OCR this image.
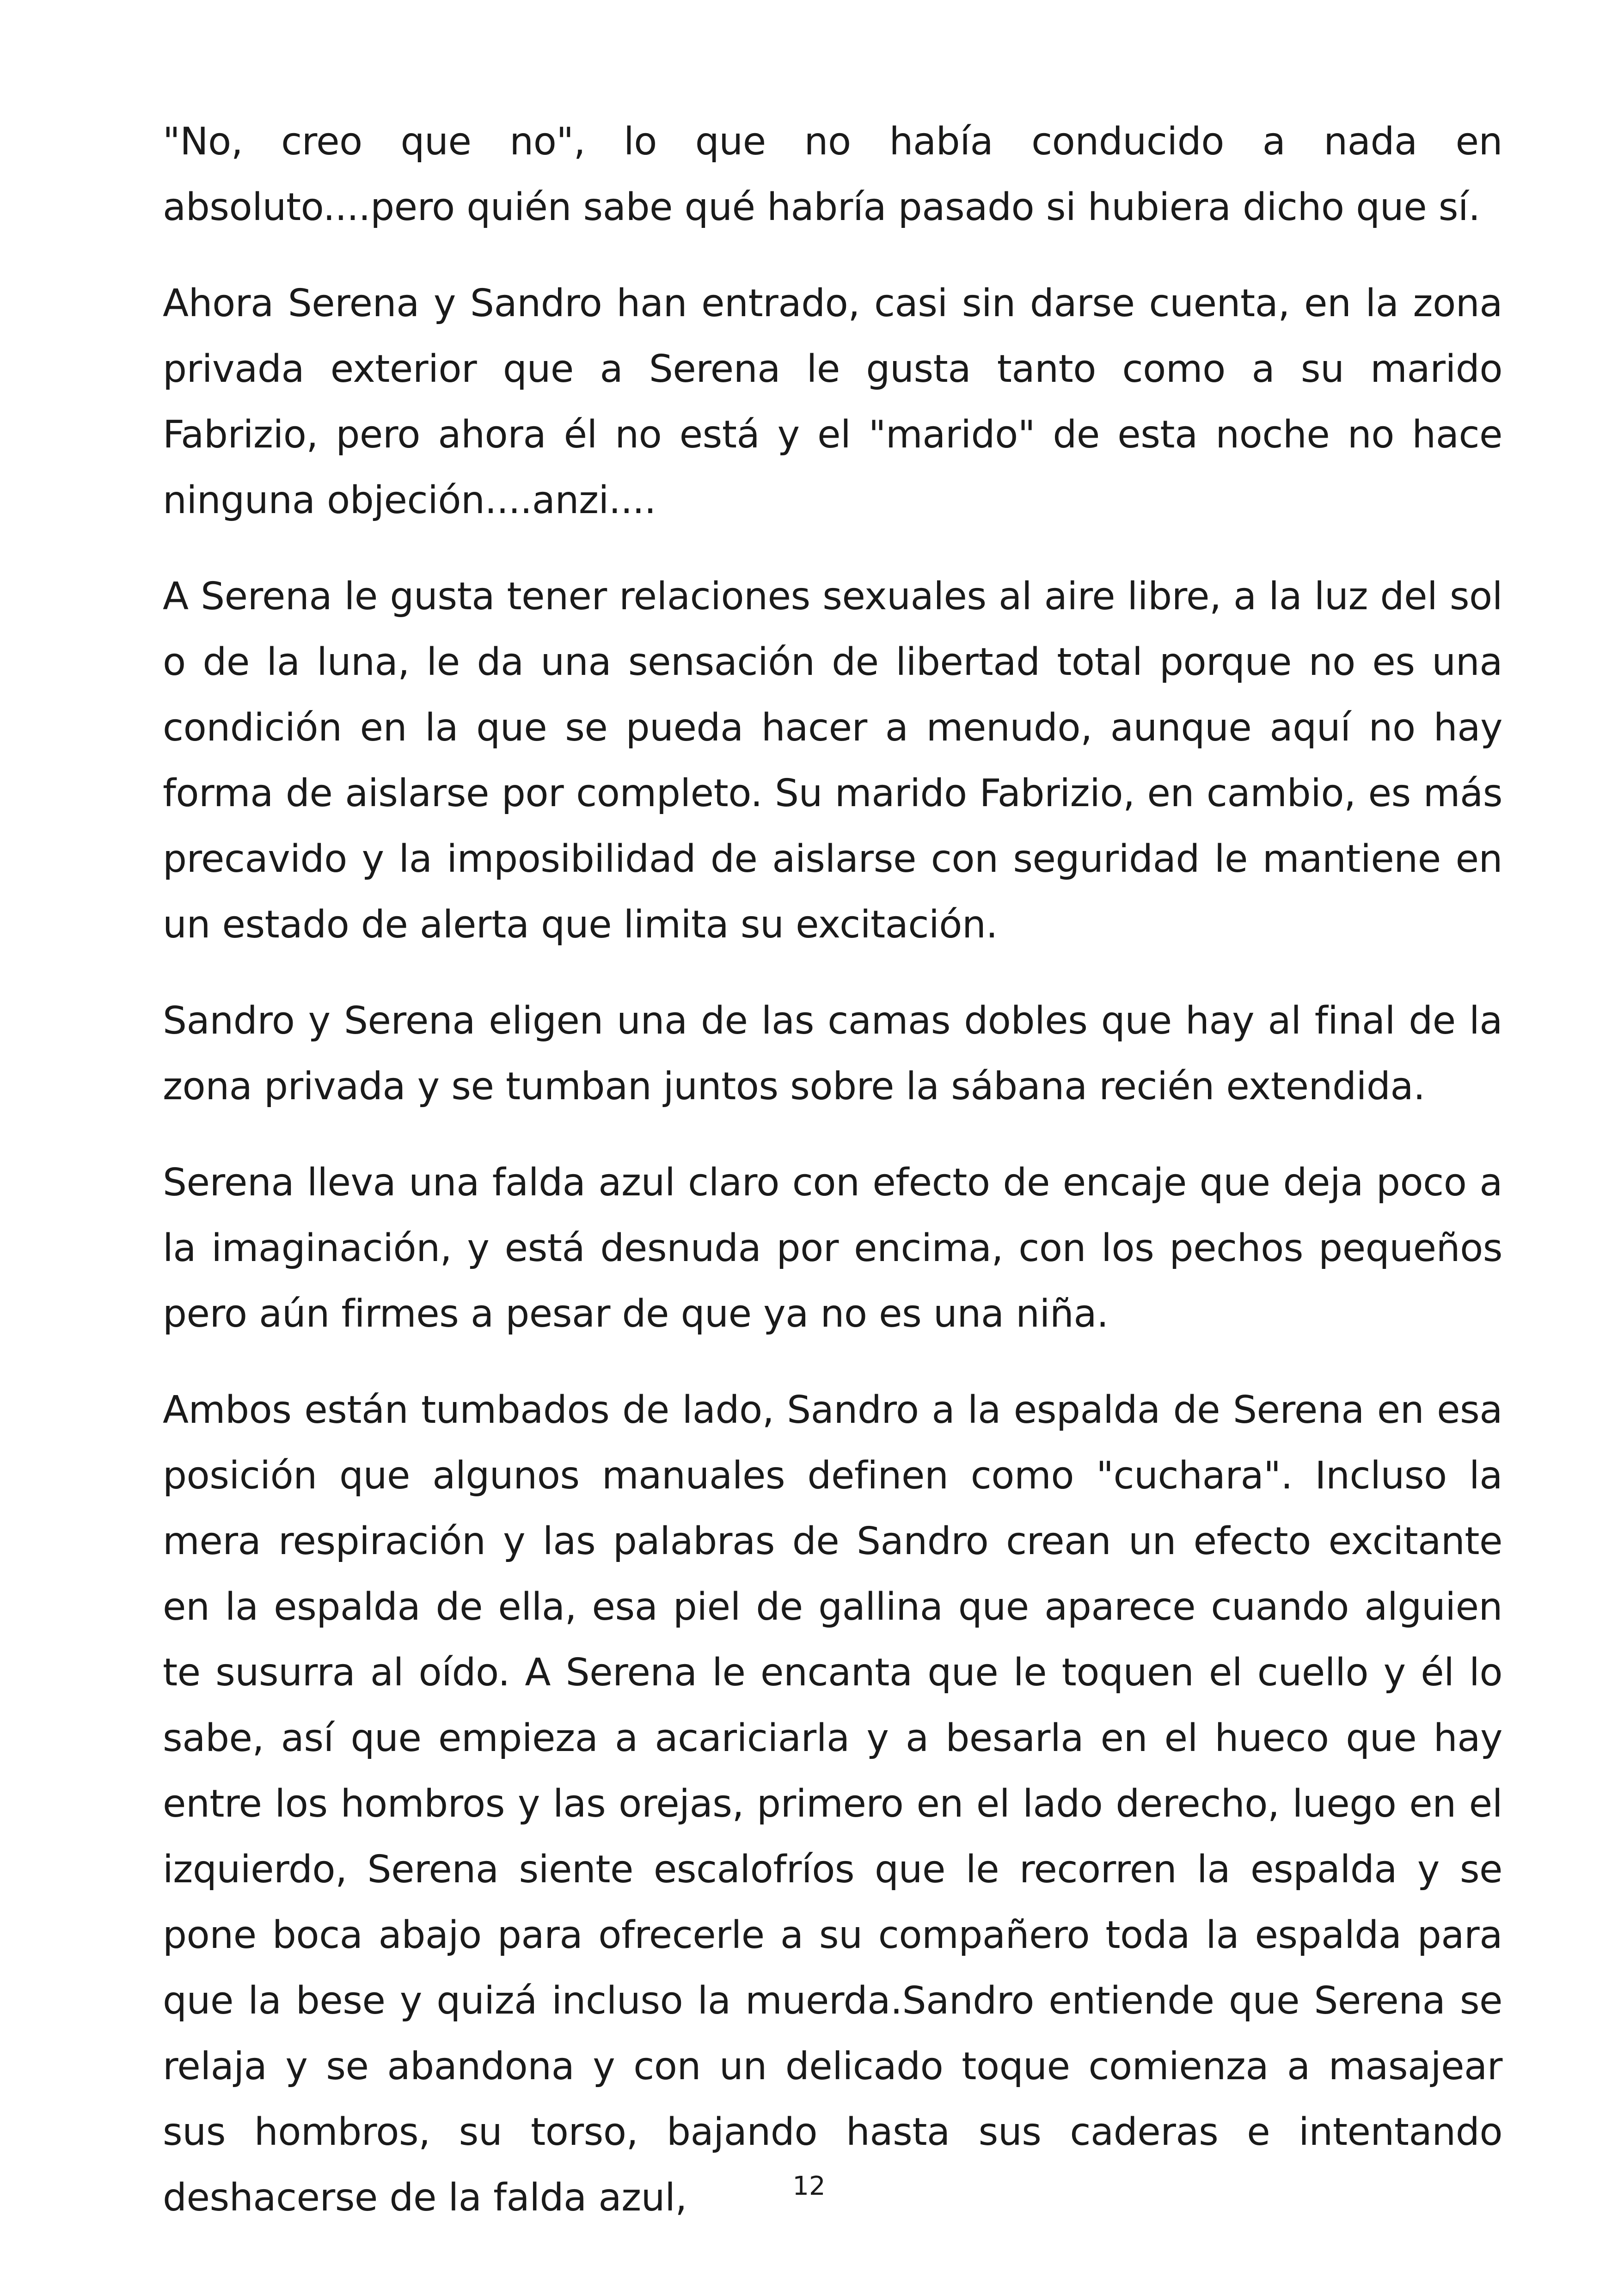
"No, creo que no", lo que no había conducido a nada en absoluto....pero quién sabe qué habría pasado si hubiera dicho que sí.

Ahora Serena y Sandro han entrado, casi sin darse cuenta, en la zona privada exterior que a Serena le gusta tanto como a su marido Fabrizio, pero ahora él no está y el "marido" de esta noche no hace ninguna objeción....anzi....

A Serena le gusta tener relaciones sexuales al aire libre, a la luz del sol o de la luna, le da una sensación de libertad total porque no es una condición en la que se pueda hacer a menudo, aunque aquí no hay forma de aislarse por completo. Su marido Fabrizio, en cambio, es más precavido y la imposibilidad de aislarse con seguridad le mantiene en un estado de alerta que limita su excitación.

Sandro y Serena eligen una de las camas dobles que hay al final de la zona privada y se tumban juntos sobre la sábana recién extendida.

Serena lleva una falda azul claro con efecto de encaje que deja poco a la imaginación, y está desnuda por encima, con los pechos pequeños pero aún firmes a pesar de que ya no es una niña.

Ambos están tumbados de lado, Sandro a la espalda de Serena en esa posición que algunos manuales definen como "cuchara". Incluso la mera respiración y las palabras de Sandro crean un efecto excitante en la espalda de ella, esa piel de gallina que aparece cuando alguien te susurra al oído. A Serena le encanta que le toquen el cuello y él lo sabe, así que empieza a acariciarla y a besarla en el hueco que hay entre los hombros y las orejas, primero en el lado derecho, luego en el izquierdo, Serena siente escalofríos que le recorren la espalda y se pone boca abajo para ofrecerle a su compañero toda la espalda para que la bese y quizá incluso la muerda.Sandro entiende que Serena se relaja y se abandona y con un delicado toque comienza a masajear sus hombros, su torso, bajando hasta sus caderas e intentando deshacerse de la falda azul,	12
